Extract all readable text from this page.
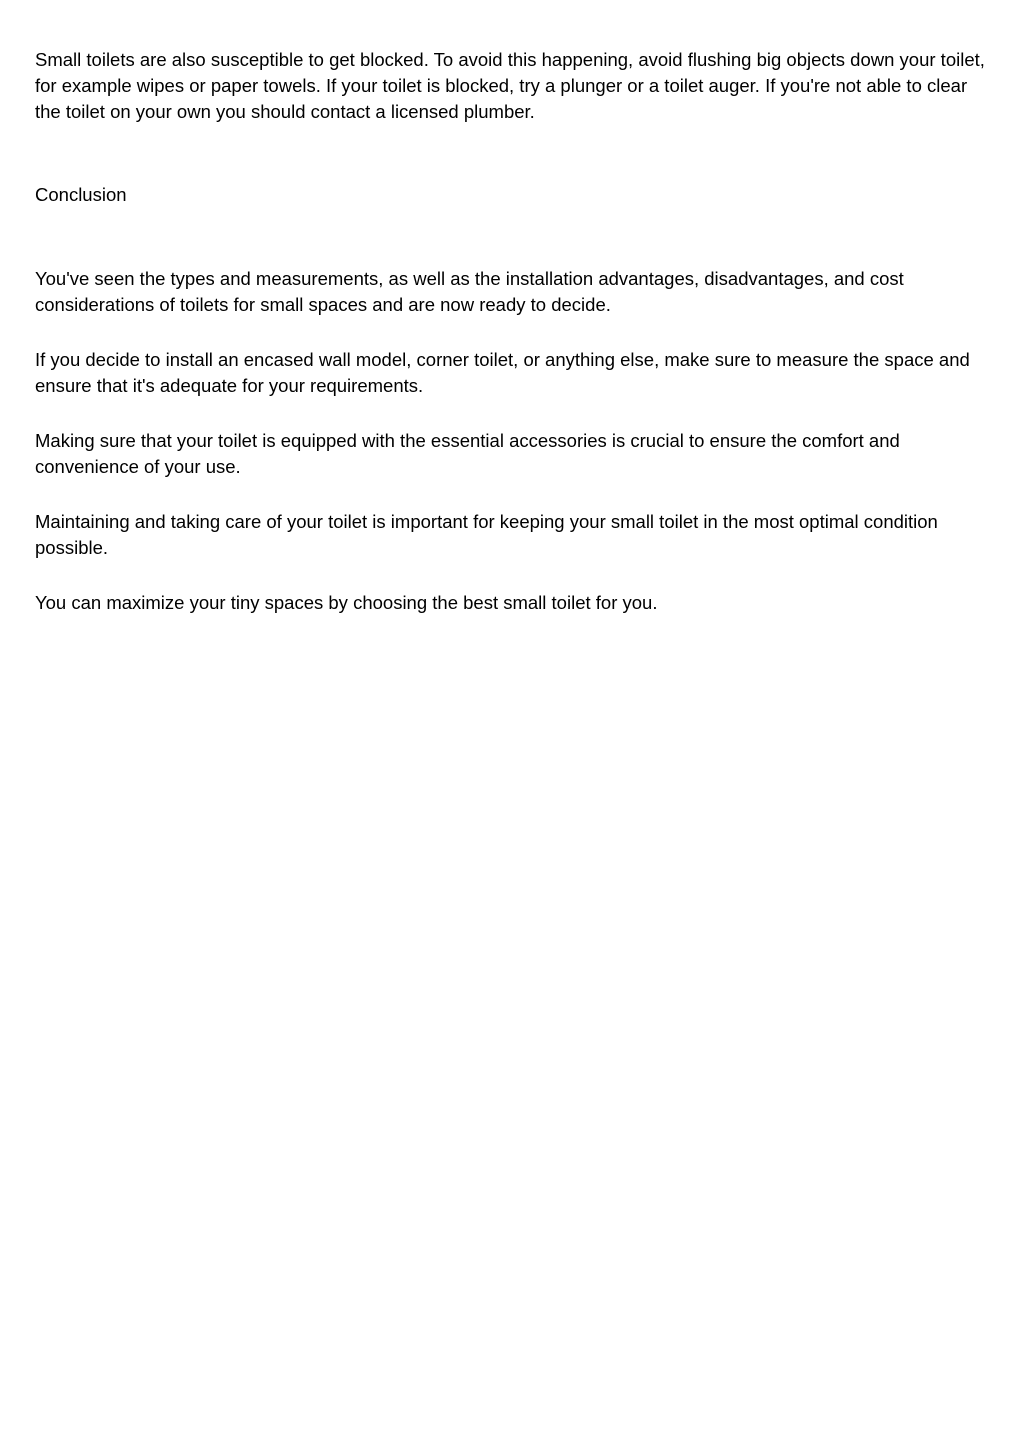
Small toilets are also susceptible to get blocked. To avoid this happening, avoid flushing big objects down your toilet, for example wipes or paper towels. If your toilet is blocked, try a plunger or a toilet auger. If you're not able to clear the toilet on your own you should contact a licensed plumber.

Conclusion

You've seen the types and measurements, as well as the installation advantages, disadvantages, and cost considerations of toilets for small spaces and are now ready to decide.

If you decide to install an encased wall model, corner toilet, or anything else, make sure to measure the space and ensure that it's adequate for your requirements.

Making sure that your toilet is equipped with the essential accessories is crucial to ensure the comfort and convenience of your use.

Maintaining and taking care of your toilet is important for keeping your small toilet in the most optimal condition possible.

You can maximize your tiny spaces by choosing the best small toilet for you.
